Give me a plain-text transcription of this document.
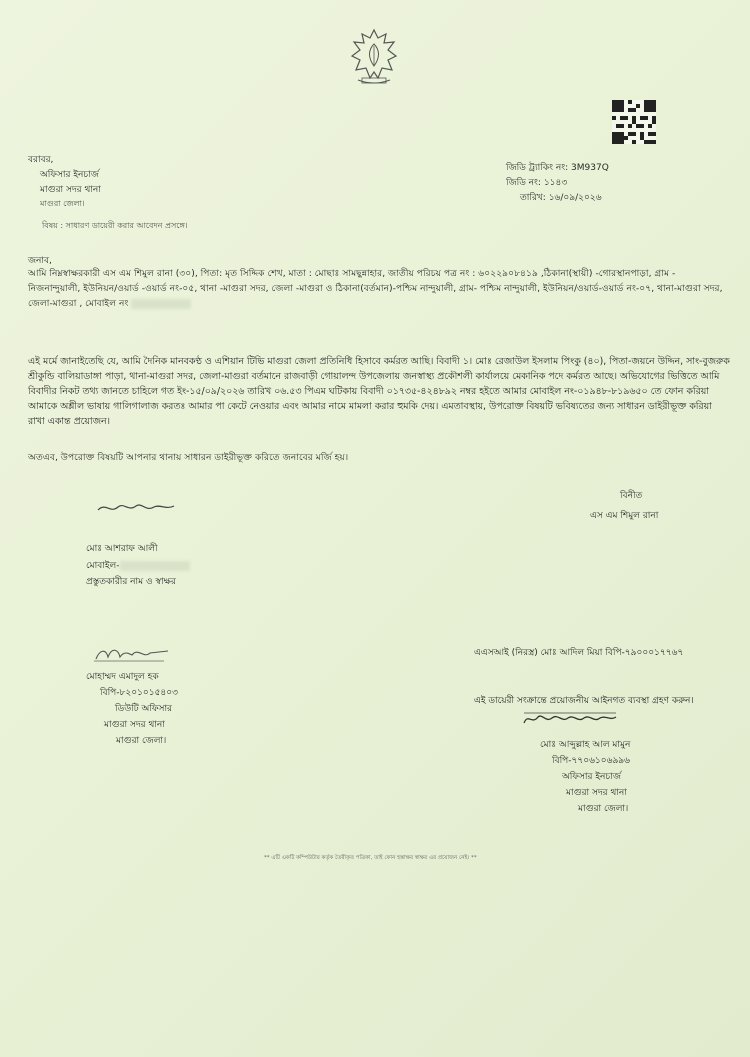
বরাবর,
অফিসার ইনচার্জ
মাগুরা সদর থানা
মাগুরা জেলা।
জিডি ট্র্যাকিং নং: 3M937Q
জিডি নং: ১১৪৩
তারিখ: ১৬/০৯/২০২৬
বিষয় : সাধারণ ডায়েরী করার আবেদন প্রসঙ্গে।
জনাব,
আমি নিম্নস্বাক্ষরকারী এস এম শিমুল রানা (৩০), পিতা: মৃত সিদ্দিক শেখ, মাতা : মোছাঃ সামছুন্নাহার, জাতীয় পরিচয় পত্র নং : ৬০২২৯০৮৪১৯ ,ঠিকানা(স্থায়ী) -গোরস্থানপাড়া, গ্রাম - নিজনান্দুয়ালী, ইউনিয়ন/ওয়ার্ড -ওয়ার্ড নং-০৫, থানা -মাগুরা সদর, জেলা -মাগুরা ও ঠিকানা(বর্তমান)-পশ্চিম নান্দুয়ালী, গ্রাম- পশ্চিম নান্দুয়ালী, ইউনিয়ন/ওয়ার্ড-ওয়ার্ড নং-০৭, থানা-মাগুরা সদর, জেলা-মাগুরা , মোবাইল নং
এই মর্মে জানাইতেছি যে, আমি দৈনিক মানবকণ্ঠ ও এশিয়ান টিভি মাগুরা জেলা প্রতিনিধি হিসাবে কর্মরত আছি। বিবাদী ১। মোঃ রেজাউল ইসলাম পিংকু (৪০), পিতা-জয়নে উদ্দিন, সাং-বুজরুক শ্রীকুন্ডি বালিয়াডাঙ্গা পাড়া, থানা-মাগুরা সদর, জেলা-মাগুরা বর্তমানে রাজবাড়ী গোয়ালন্দ উপজেলায় জনস্বাস্থ্য প্রকৌশলী কার্যালয়ে মেকানিক পদে কর্মরত আছে। অভিযোগের ভিত্তিতে আমি বিবাদীর নিকট তথ্য জানতে চাহিলে গত ইং-১৫/০৯/২০২৬ তারিখ ০৬.৫৩ পিএম ঘটিকায় বিবাদী ০১৭৩৫-৪২৪৮৯২ নম্বর হইতে আমার মোবাইল নং-০১৯৪৮-৮১৯৬৫০ তে ফোন করিয়া আমাকে অশ্লীল ভাষায় গালিগালাজ করতঃ আমার পা কেটে নেওয়ার এবং আমার নামে মামলা করার হুমকি দেয়। এমতাবস্থায়, উপরোক্ত বিষয়টি ভবিষ্যতের জন্য সাধারন ডাইরীভূক্ত করিয়া রাখা একান্ত প্রয়োজন।
অতএব, উপরোক্ত বিষয়টি আপনার থানায় সাধারন ডাইরীভূক্ত করিতে জনাবের মর্জি হয়।
বিনীত
এস এম শিমুল রানা
মোঃ আশরাফ আলী
মোবাইল-
প্রস্তুতকারীর নাম ও স্বাক্ষর
মোহাম্মদ এমাদুল হক
বিপি-৮২০১০১৫৪০৩
ডিউটি অফিসার
মাগুরা সদর থানা
মাগুরা জেলা।
এএসআই (নিরস্ত্র) মোঃ আদিল মিয়া বিপি-৭৯০০০১৭৭৬৭
এই ডায়েরী সংক্রান্তে প্রয়োজনীয় আইনগত ব্যবস্থা গ্রহণ করুন।
মোঃ আব্দুল্লাহ আল মামুন
বিপি-৭৭০৬১০৬৯৯৬
অফিসার ইনচার্জ
মাগুরা সদর থানা
মাগুরা জেলা।
** এটি একটি কম্পিউটার কর্তৃক তৈরীকৃত পত্রিকা, তাই কোন হস্তাক্ষর স্বাক্ষর এর প্রয়োজন নেই। **
